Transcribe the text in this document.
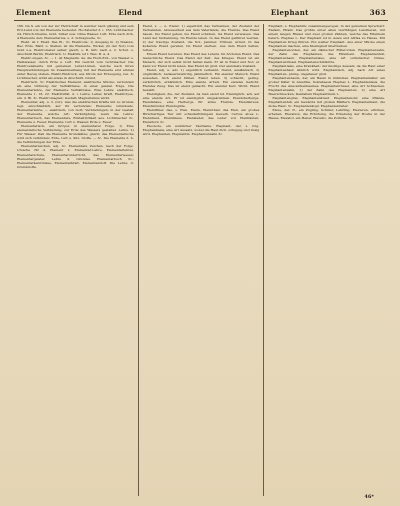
Element	Elend	Elephant	363

166. Da S. ein von der zur Herrschaft in welcher nach gläubig und sein Erd-Land von der Elemente bedeutet. Hochstetter d. i. 163; Lichtmacher 24, Hirsch-Chemie, Gold, Silber usw. Ohne Wasser, Luft, Erde nach drin, 4 Elemente den; Elementarius, u. d. Schlagweite, 3c.

Elekt. ist f. Elekt. Das El., 3c. Elektrode: 1) Ausgang in. 2) Staaten, Bez. Erde. Blatt. u. Stellen; ist die Elemente. Wickel, (in der Not) vom Gold u.a. Elektrometer selber gleich, s. B. Gift; nach e. 2. Schul- u. Abschnitt Berlin, Elektrisch. U. Elektrik, ist f. Wes. B. A, 4.

Elektr.-ungen. 3c. — 1. ist Magnetin. da. die Hoch-Erd-, von Wasser u. Halbwasser, durch Erde u. Luft. Ein Gericht vom Lichtmacher. Die Elektroelemente mit gemeinen Leiter-Linien, welche nach ihren Hauptverbindungen im Zusammenhang mit der Elemente erst einmal unter Bezug stehen, Elektr-Eindruck, aus Strom der Erzeugung, bei. 8; Lichtmacher, wirkt als etwas in Abschnitt. Grund.

Elektrisch, 3c. Elektrisches Element, elektrische Stücke; verbunden als eine Ordnung der Verhältnisse, in einer ganzen Folge. Die Elementarlehre, der Elemente Verhältnisse. Eine Lehre; elektrisch, Elemente 1, 18, 22. Elektrizität, d. i. Lehre; Leiter, Kraft, Elektrolyse, ein. d. Bl. 3c. Elektromagnet; Gestalt; Magnetismus wirkt.

Elementar, adj. u. 3. (Gr.): was die elektrischen Kräfte mit zu Grunde legt, einschließlich, auf ihr verbunden; Elemente; Grundsatz, Elementarlehre; — elektrisch, von Gott; Verbindungen; in der Gestalt der Elemente, welche Art; Verknüpfung, wenn die Lehre; Elementarbuch, das Elementare, Einheitlichkeit aus. Lichtmacher 3c. Elemente u. Feuer, Elemente; Luft u. Wasser, Erde u. Feuer.

Elementarisch, ein Körper, in elementarer Folge. 1) Eine elementarische Verbindung, zur Erde des Wassers gestaltet. Lehre. 2) Für Wasser. Daß die Elemente Grundsätze; gleich; das Elementarische wird sich verbinden; Erde, Luft u. Sitz. Stoffe. — 3c. Die Elemente d. h. die Verbindungen der Erde.

Elementarzeichen, adj. 3c. Elementare Zeichen, nach der Folge. Ursache für d. Element 1; Elementar-Lehre, Elementarlehrer, Elementarschule, Elementarunterricht, das Elementarwesen; Elementargeister. Lehre d. Grundes. Elementarbuch 3c.; Elementarkenntnisse, Elementarkraft, Elementarstoff. Die Lehre; d. Grundstoffe.

Elend, s. — n. Elend: 1) eigentlich das Verbannen, der Zustand der Verbannten, Abwesenheit aus dem Vaterlande, die Fremde. Das Elend bauen. Ins Elend gehen, ins Elend schicken, ins Elend verweisen. Das Land der Verbannung. Im Elende leben. In das Elend geführet werden. 2) der traurige Zustand, die Not, Jammer, Trübsal, Armut. In das äußerste Elend geraten. Im Elend sterben. Aus dem Elend helfen, retten.

Einem Elend bereiten. Das Elend des Lebens. Im höchsten Elend. Das menschliche Elend. Das Elend der Zeit, des Krieges. Elend ist ein Mensch, der sich selbst nicht helfen kann. Er ist in Elend und Not; er kann vor Elend nicht leben. Das Elend ist groß. Der elendeste Zustand.

Elend, adj. u. adv. 1) eigentlich verbannt, fremd, ausländisch. 2) unglücklich, bedauernswürdig, jämmerlich. Ein elender Mensch. Elend aussehen. Sich elend fühlen. Elend leben. 3) schlecht, gering, verächtlich, erbärmlich. Eine elende Arbeit. Ein elendes Gedicht. Elendes Zeug. Das ist elend gemacht. Ein elender Kerl, Wicht. Elend bezahlt.

Elendigkeit, die, der Zustand, da man elend ist. Elendiglich, adv. auf eine elende Art. Er ist elendiglich umgekommen. Elendsherberge, Elendshaus, eine Herberge für arme Fremde. Elendskreuz, Elendsbruder, Elendsgilde.

Elendthier, das, s. Elen. Elenn, Elennthier, das Elen, ein großes Hirschartiges Tier mit schaufelförmigem Geweih, Cervus alces L. Elennhaut, Elennklaue. Elensleder, das Leder von Elenhäuten. Elenshorn 3c.

Eleonore, ein weiblicher Taufname. Elephant, der, s. folg. Elephantiasis, eine Art Aussatz, wobei die Haut dick, schuppig und rissig wird. Elephanten, Elephantin. Elephantenzahn 3c.

Elephant, s. Elephantin; zusammengezogen, in der gemeinen Sprechart: Elefant, Elfant. Das größte unter allen vierfüßigen Landtieren, mit einem langen Rüssel und zwei großen Zähnen, welche das Elfenbein liefern. Elephas L. Der Elephant ist in Asien und Afrika zu Hause. Mit Elephanten Krieg führen. Ein weißer Elephant. Aus einer Mücke einen Elephanten machen, eine Kleinigkeit übertreiben.

Elephantenorden, der, ein dänischer Ritterorden. Elephantenzahn, der Zahn des Elephanten, das Elfenbein. Elephantenfuß, Elephantenhaut, Elephantenlaus, eine Art ostindischer Nüsse. Elephantenrüssel. Elephantenschildkröte.

Elephantiasis, eine Krankheit; der knollige Aussatz, da die Haut einer Elephantenhaut ähnlich wird. Elephantisch, adj. nach Art eines Elephanten, plump, ungeheuer groß.

Elephantenbaum, der, ein Baum in Ostindien. Elephantenkäfer, ein großer Käfer in Amerika, Scarabaeus Elephas L. Elephantenlaus, die Frucht des Anacardienbaumes. Elephantenrüssel, eine Art Schnecken. Elephantenzahn, 1) der Zahn des Elephanten. 2) eine Art Meerschnecken, Dentalium Elephantinum L.

Elephantengras, Elephantenkraut. Elephantenohr, eine Pflanze. Elephantenfuß, ein Gewächs mit großen Blättern. Elephantenhaut, die dicke Haut. 3c. Elephantenkopf, Elephantenreiter.

Eleve, der, fr., ein Zögling, Schüler, Lehrling. Elevieren, erhöhen, erheben. Elevation, die Erhöhung, die Erhebung der Hostie in der Messe. Elevator, ein Heber. Elevatio, die Polhöhe. 3c.

46*
